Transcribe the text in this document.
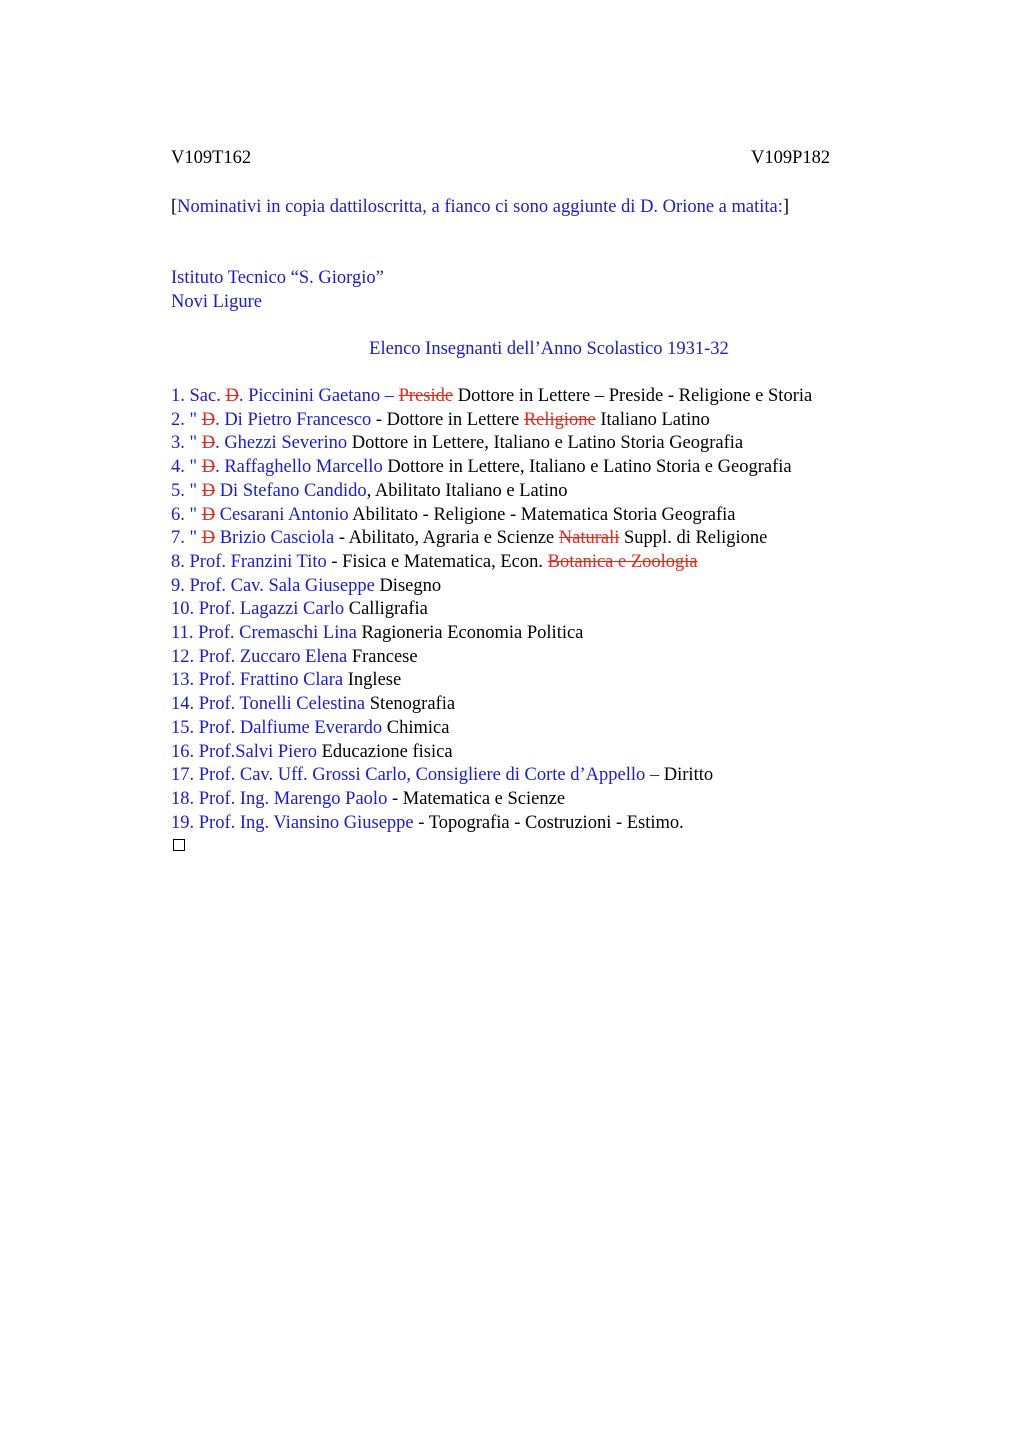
V109T162	V109P182
[Nominativi in copia dattiloscritta, a fianco ci sono aggiunte di D. Orione a matita:]
Istituto Tecnico “S. Giorgio”
Novi Ligure
Elenco Insegnanti dell’Anno Scolastico 1931-32
1. Sac. D. Piccinini Gaetano – Preside Dottore in Lettere – Preside - Religione e Storia
2. " D. Di Pietro Francesco - Dottore in Lettere Religione Italiano Latino
3. " D. Ghezzi Severino Dottore in Lettere, Italiano e Latino Storia Geografia
4. " D. Raffaghello Marcello Dottore in Lettere, Italiano e Latino Storia e Geografia
5. " D Di Stefano Candido, Abilitato Italiano e Latino
6. " D Cesarani Antonio Abilitato - Religione - Matematica Storia Geografia
7. " D Brizio Casciola - Abilitato, Agraria e Scienze Naturali Suppl. di Religione
8. Prof. Franzini Tito - Fisica e Matematica, Econ. Botanica e Zoologia
9. Prof. Cav. Sala Giuseppe Disegno
10. Prof. Lagazzi Carlo Calligrafia
11. Prof. Cremaschi Lina Ragioneria Economia Politica
12. Prof. Zuccaro Elena Francese
13. Prof. Frattino Clara Inglese
14. Prof. Tonelli Celestina Stenografia
15. Prof. Dalfiume Everardo Chimica
16. Prof.Salvi Piero Educazione fisica
17. Prof. Cav. Uff. Grossi Carlo, Consigliere di Corte d’Appello – Diritto
18. Prof. Ing. Marengo Paolo - Matematica e Scienze
19. Prof. Ing. Viansino Giuseppe - Topografia - Costruzioni - Estimo.
